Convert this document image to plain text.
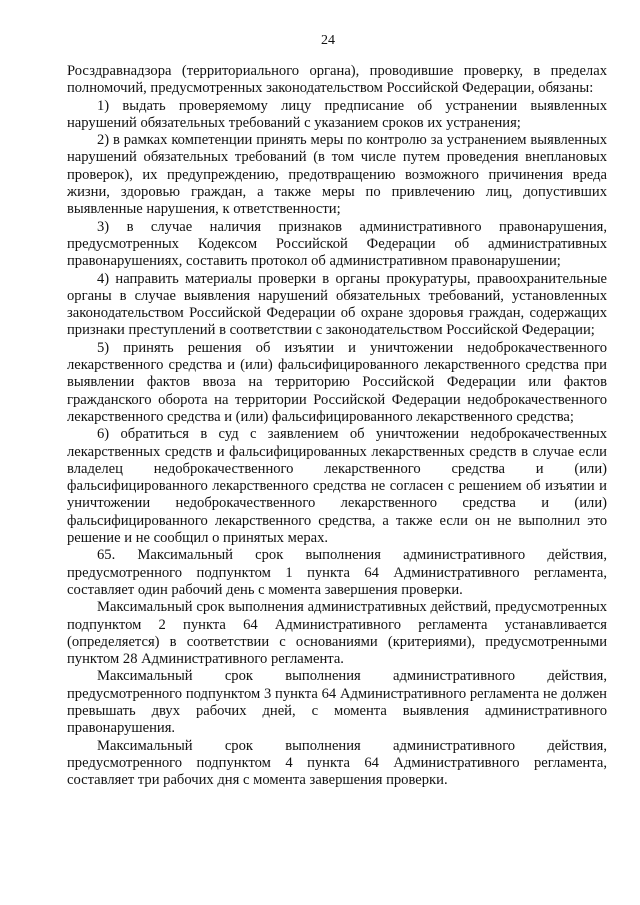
24

Росздравнадзора (территориального органа), проводившие проверку, в пределах полномочий, предусмотренных законодательством Российской Федерации, обязаны:

1) выдать проверяемому лицу предписание об устранении выявленных нарушений обязательных требований с указанием сроков их устранения;

2) в рамках компетенции принять меры по контролю за устранением выявленных нарушений обязательных требований (в том числе путем проведения внеплановых проверок), их предупреждению, предотвращению возможного причинения вреда жизни, здоровью граждан, а также меры по привлечению лиц, допустивших выявленные нарушения, к ответственности;

3) в случае наличия признаков административного правонарушения, предусмотренных Кодексом Российской Федерации об административных правонарушениях, составить протокол об административном правонарушении;

4) направить материалы проверки в органы прокуратуры, правоохранительные органы в случае выявления нарушений обязательных требований, установленных законодательством Российской Федерации об охране здоровья граждан, содержащих признаки преступлений в соответствии с законодательством Российской Федерации;

5) принять решения об изъятии и уничтожении недоброкачественного лекарственного средства и (или) фальсифицированного лекарственного средства при выявлении фактов ввоза на территорию Российской Федерации или фактов гражданского оборота на территории Российской Федерации недоброкачественного лекарственного средства и (или) фальсифицированного лекарственного средства;

6) обратиться в суд с заявлением об уничтожении недоброкачественных лекарственных средств и фальсифицированных лекарственных средств в случае если владелец недоброкачественного лекарственного средства и (или) фальсифицированного лекарственного средства не согласен с решением об изъятии и уничтожении недоброкачественного лекарственного средства и (или) фальсифицированного лекарственного средства, а также если он не выполнил это решение и не сообщил о принятых мерах.

65. Максимальный срок выполнения административного действия, предусмотренного подпунктом 1 пункта 64 Административного регламента, составляет один рабочий день с момента завершения проверки.

Максимальный срок выполнения административных действий, предусмотренных подпунктом 2 пункта 64 Административного регламента устанавливается (определяется) в соответствии с основаниями (критериями), предусмотренными пунктом 28 Административного регламента.

Максимальный срок выполнения административного действия, предусмотренного подпунктом 3 пункта 64 Административного регламента не должен превышать двух рабочих дней, с момента выявления административного правонарушения.

Максимальный срок выполнения административного действия, предусмотренного подпунктом 4 пункта 64 Административного регламента, составляет три рабочих дня с момента завершения проверки.
